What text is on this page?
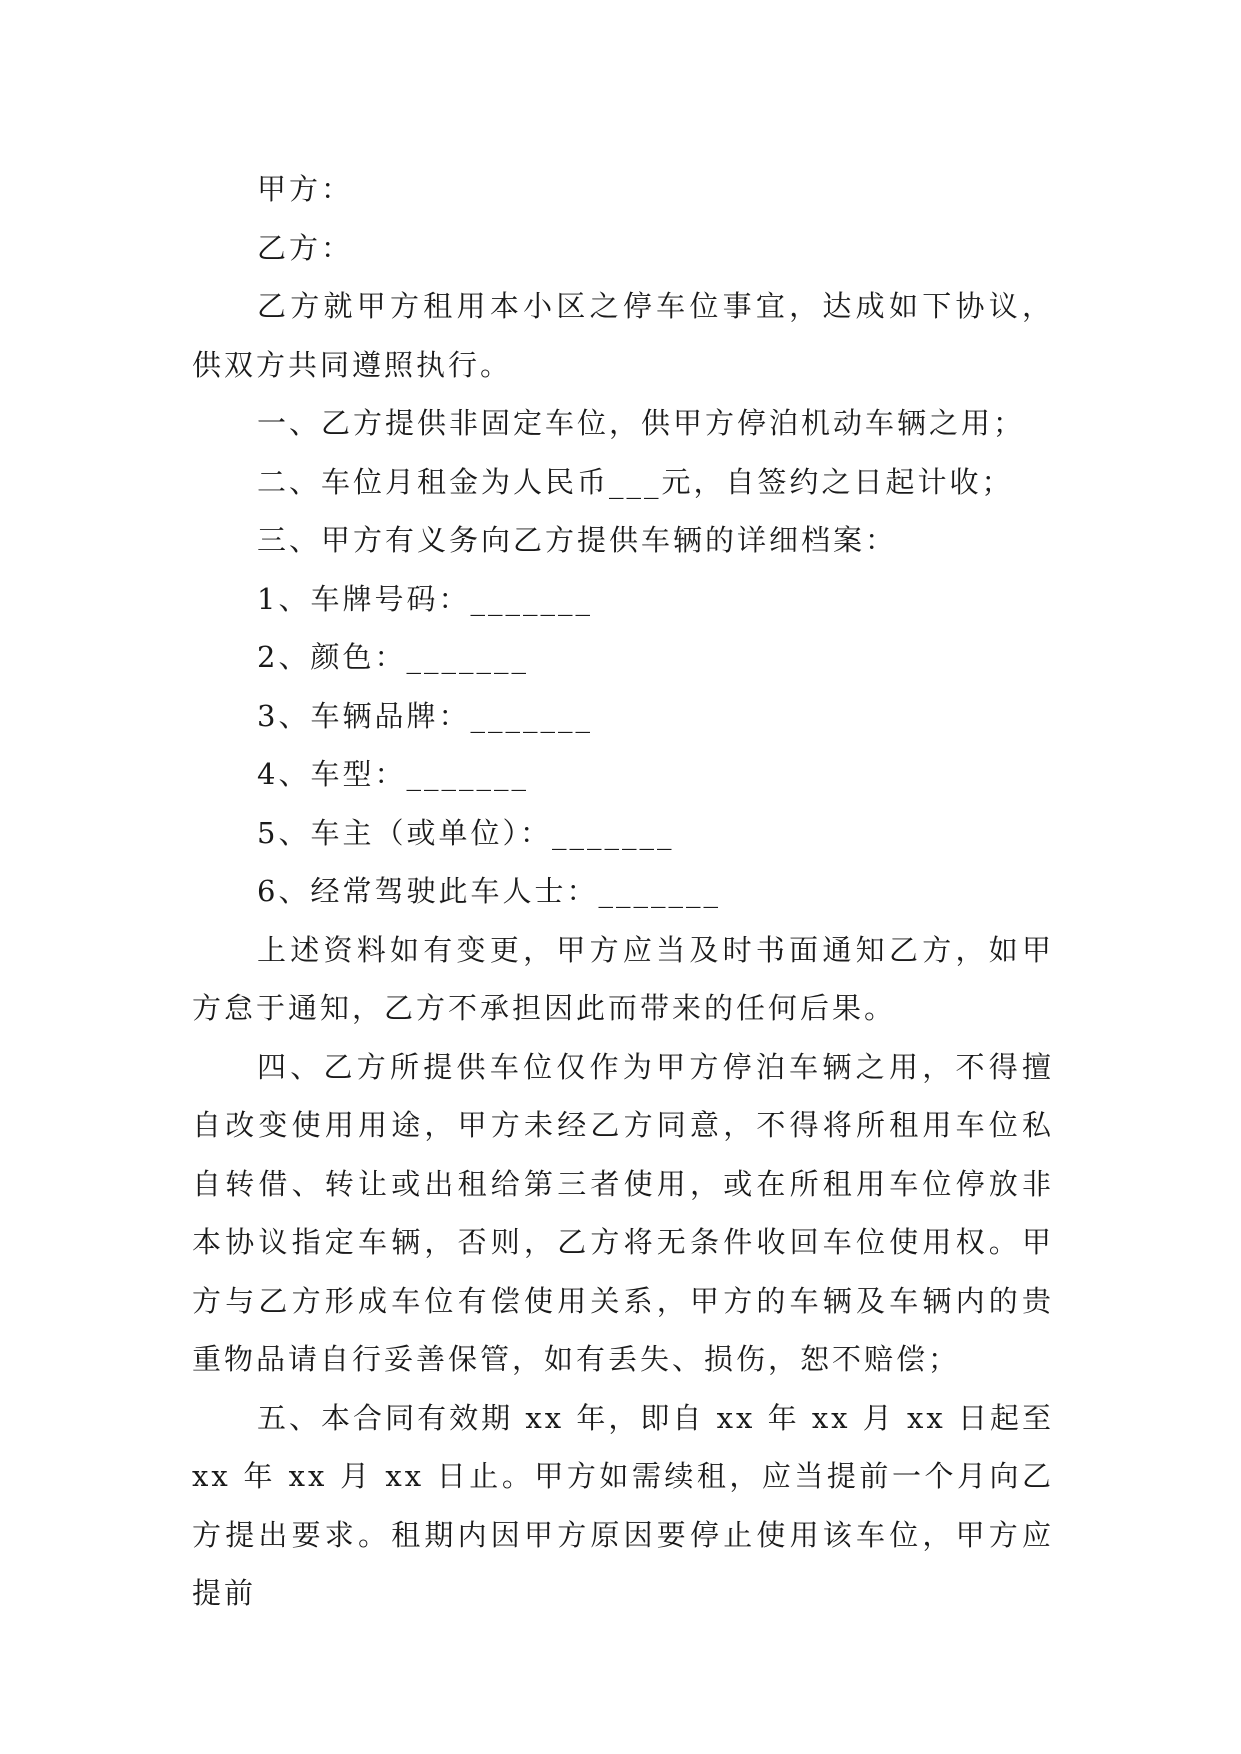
甲方：

乙方：

乙方就甲方租用本小区之停车位事宜，达成如下协议，供双方共同遵照执行。

一、乙方提供非固定车位，供甲方停泊机动车辆之用；

二、车位月租金为人民币___元，自签约之日起计收；

三、甲方有义务向乙方提供车辆的详细档案：

1、车牌号码：_______

2、颜色：_______

3、车辆品牌：_______

4、车型：_______

5、车主（或单位）：_______

6、经常驾驶此车人士：_______

上述资料如有变更，甲方应当及时书面通知乙方，如甲方怠于通知，乙方不承担因此而带来的任何后果。

四、乙方所提供车位仅作为甲方停泊车辆之用，不得擅自改变使用用途，甲方未经乙方同意，不得将所租用车位私自转借、转让或出租给第三者使用，或在所租用车位停放非本协议指定车辆，否则，乙方将无条件收回车位使用权。甲方与乙方形成车位有偿使用关系，甲方的车辆及车辆内的贵重物品请自行妥善保管，如有丢失、损伤，恕不赔偿；

五、本合同有效期 xx 年，即自 xx 年 xx 月 xx 日起至 xx 年 xx 月 xx 日止。甲方如需续租，应当提前一个月向乙方提出要求。租期内因甲方原因要停止使用该车位，甲方应提前
